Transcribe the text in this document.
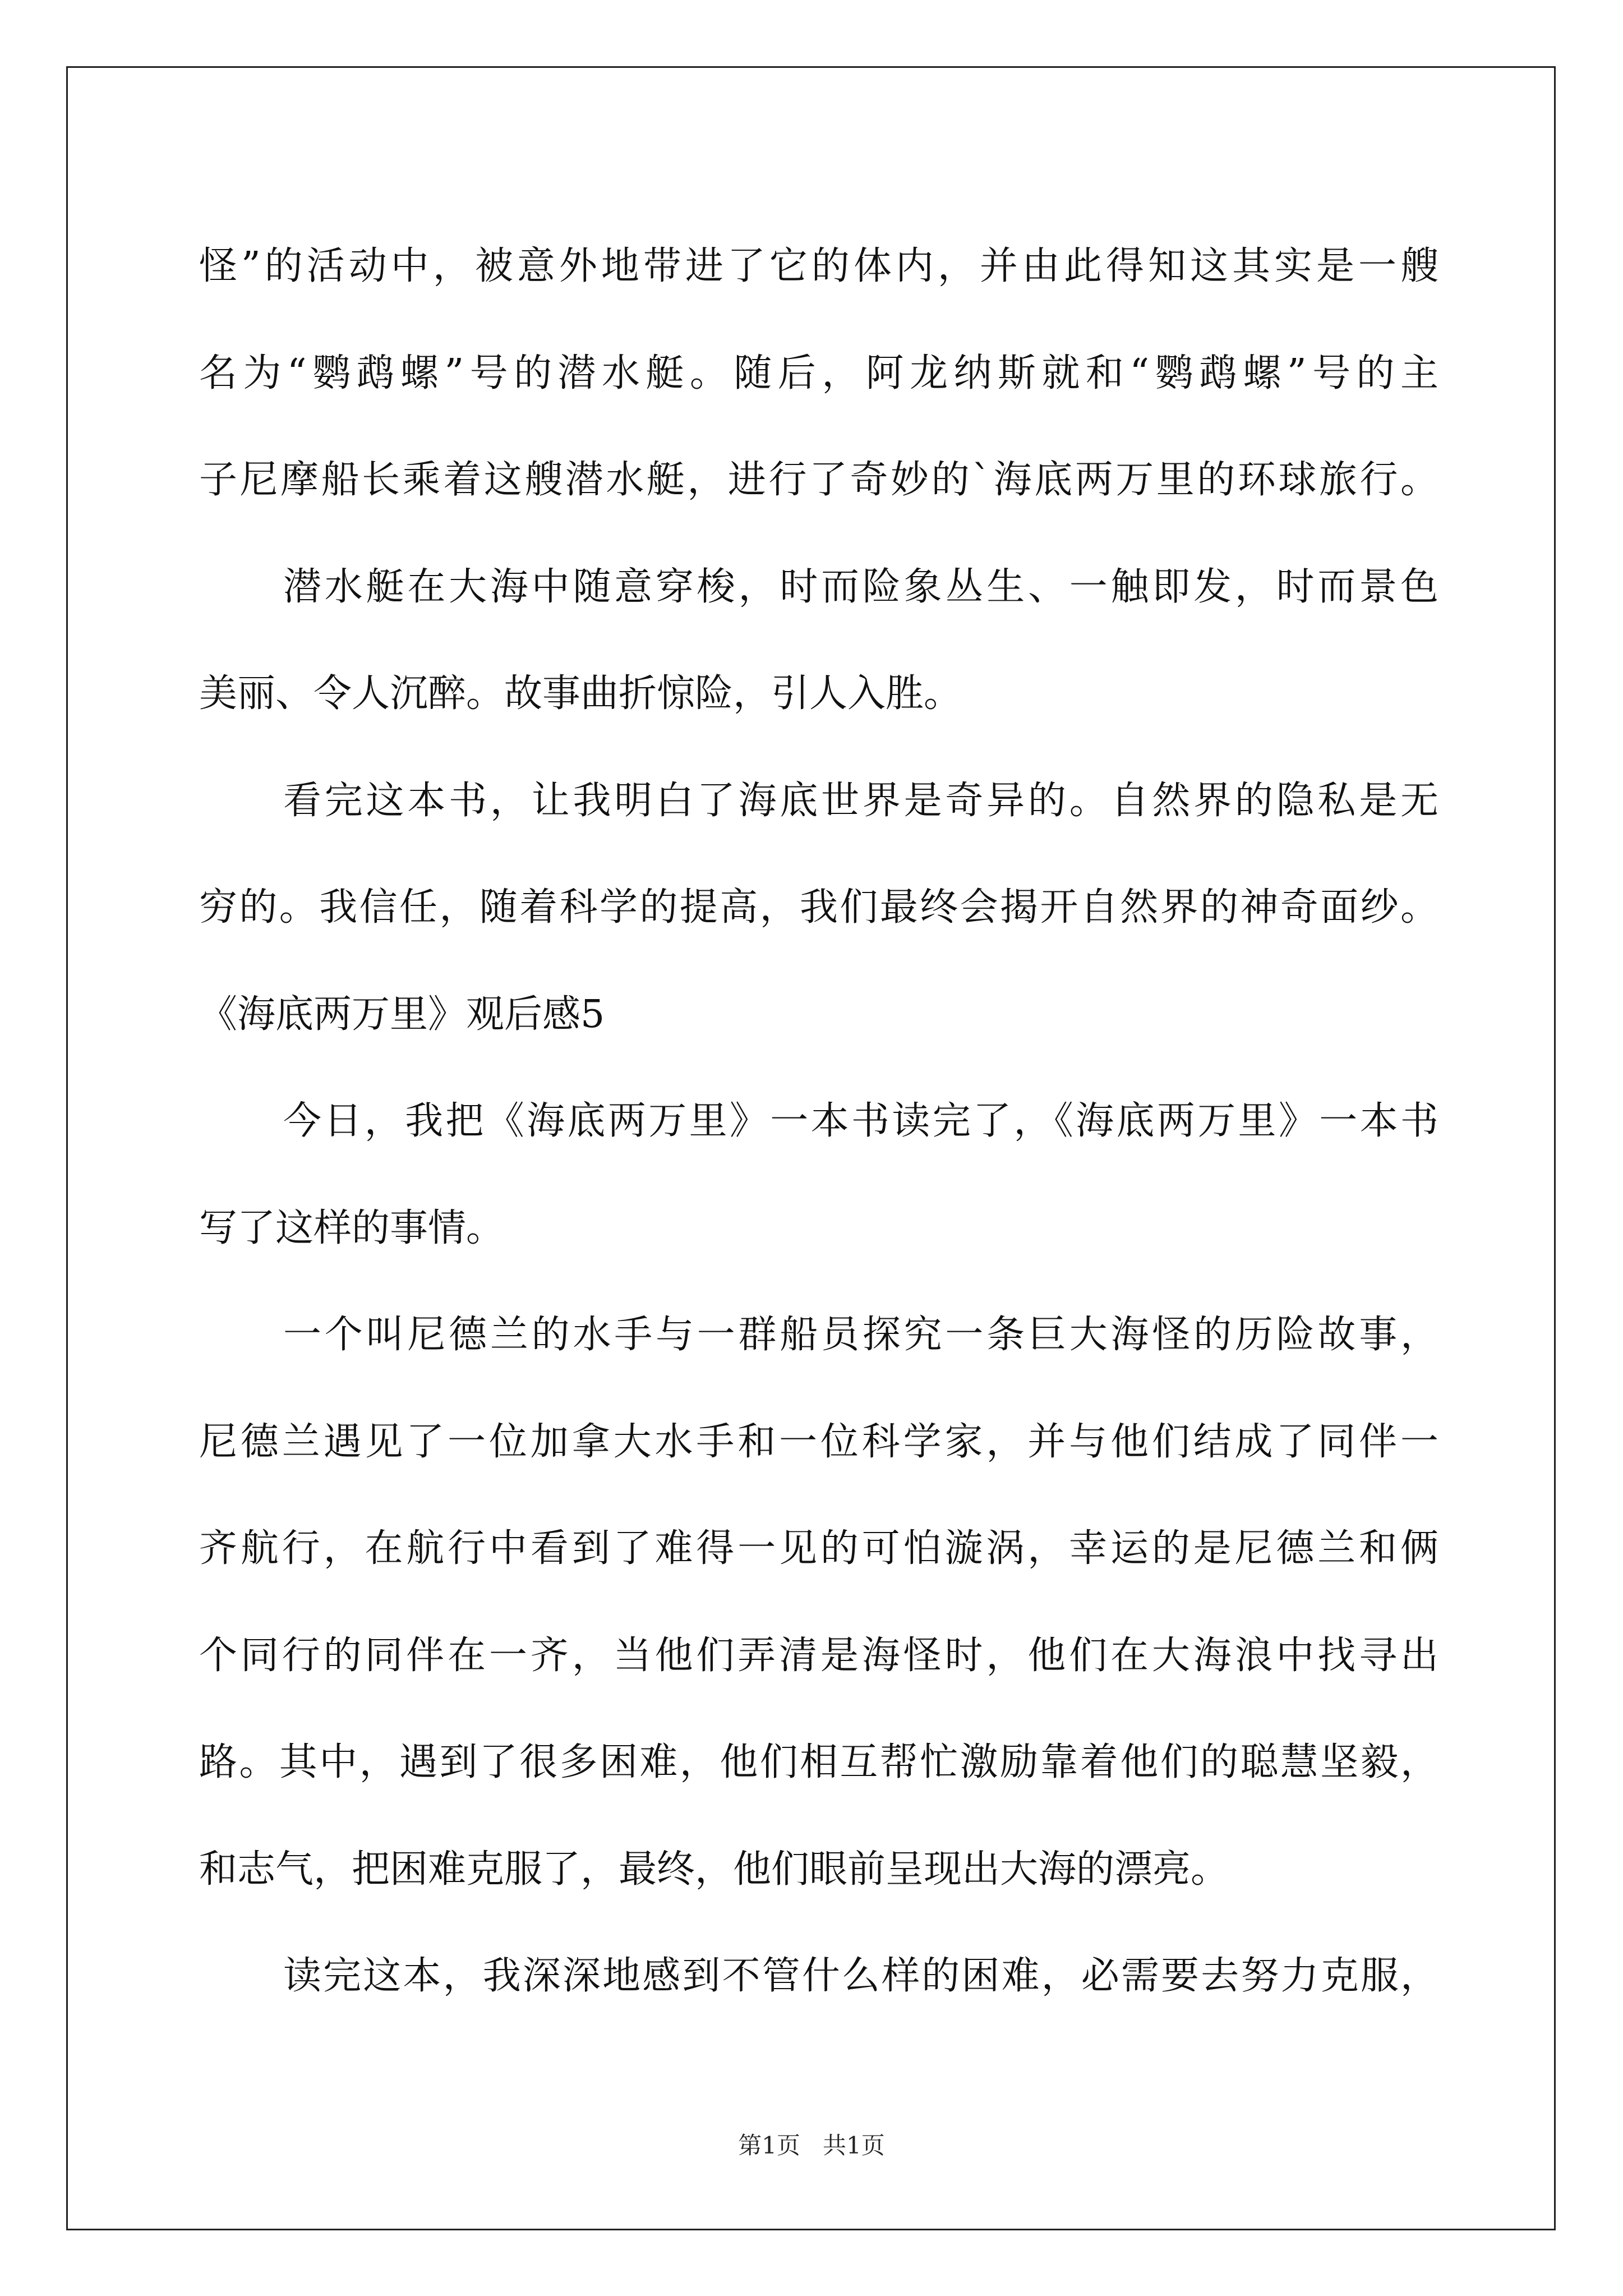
怪”的活动中，被意外地带进了它的体内，并由此得知这其实是一艘
名为“鹦鹉螺”号的潜水艇。随后，阿龙纳斯就和“鹦鹉螺”号的主
子尼摩船长乘着这艘潜水艇，进行了奇妙的`海底两万里的环球旅行。
潜水艇在大海中随意穿梭，时而险象丛生、一触即发，时而景色
美丽、令人沉醉。故事曲折惊险，引人入胜。
看完这本书，让我明白了海底世界是奇异的。自然界的隐私是无
穷的。我信任，随着科学的提高，我们最终会揭开自然界的神奇面纱。
《海底两万里》观后感5
今日，我把《海底两万里》一本书读完了，《海底两万里》一本书
写了这样的事情。
一个叫尼德兰的水手与一群船员探究一条巨大海怪的历险故事，
尼德兰遇见了一位加拿大水手和一位科学家，并与他们结成了同伴一
齐航行，在航行中看到了难得一见的可怕漩涡，幸运的是尼德兰和俩
个同行的同伴在一齐，当他们弄清是海怪时，他们在大海浪中找寻出
路。其中，遇到了很多困难，他们相互帮忙激励靠着他们的聪慧坚毅，
和志气，把困难克服了，最终，他们眼前呈现出大海的漂亮。
读完这本，我深深地感到不管什么样的困难，必需要去努力克服，
第1页   共1页
